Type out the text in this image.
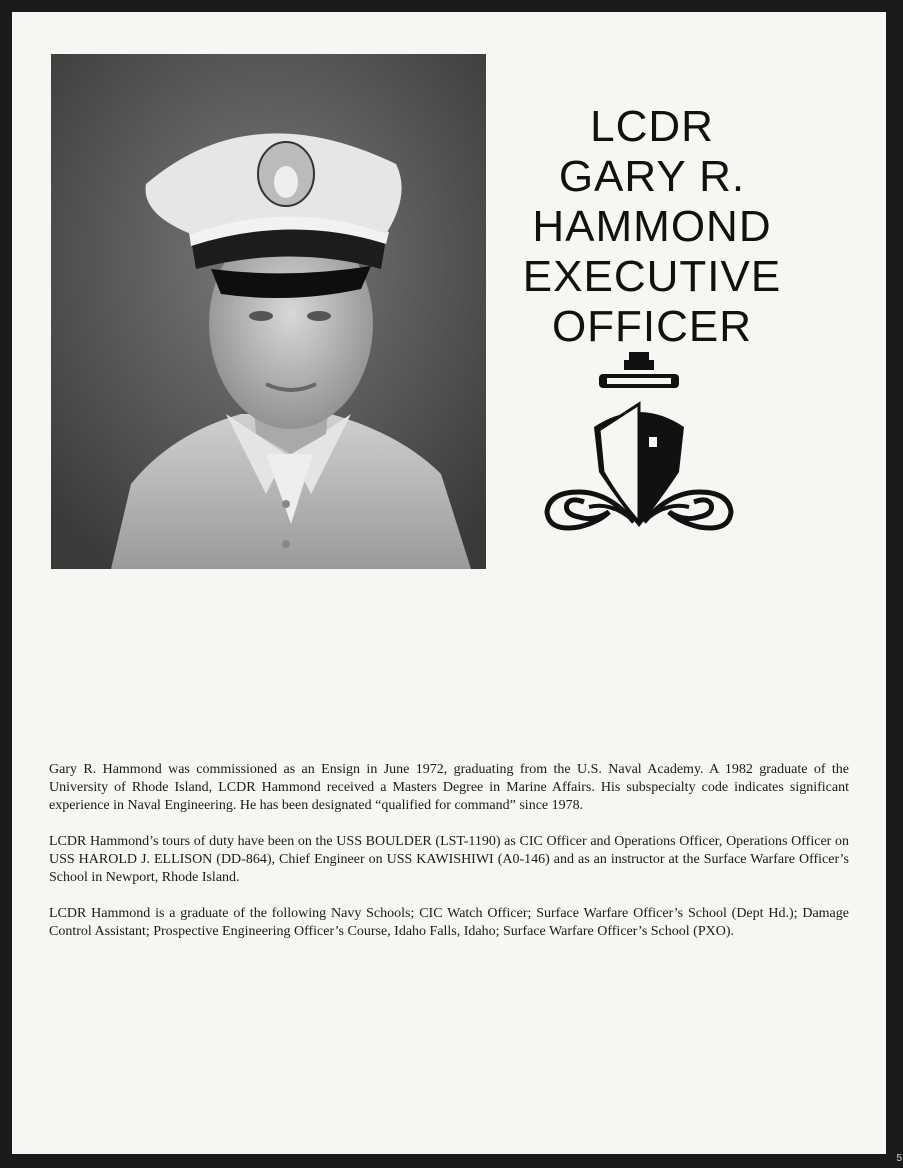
LCDR
GARY R.
HAMMOND
EXECUTIVE
OFFICER

Gary R. Hammond was commissioned as an Ensign in June 1972, graduating from the U.S. Naval Academy. A 1982 graduate of the University of Rhode Island, LCDR Hammond received a Masters Degree in Marine Affairs. His subspecialty code indicates significant experience in Naval Engineering. He has been designated “qualified for command” since 1978.

LCDR Hammond’s tours of duty have been on the USS BOULDER (LST-1190) as CIC Officer and Operations Officer, Operations Officer on USS HAROLD J. ELLISON (DD-864), Chief Engineer on USS KAWISHIWI (A0-146) and as an instructor at the Surface Warfare Officer’s School in Newport, Rhode Island.

LCDR Hammond is a graduate of the following Navy Schools; CIC Watch Officer; Surface Warfare Officer’s School (Dept Hd.); Damage Control Assistant; Prospective Engineering Officer’s Course, Idaho Falls, Idaho; Surface Warfare Officer’s School (PXO).

5
